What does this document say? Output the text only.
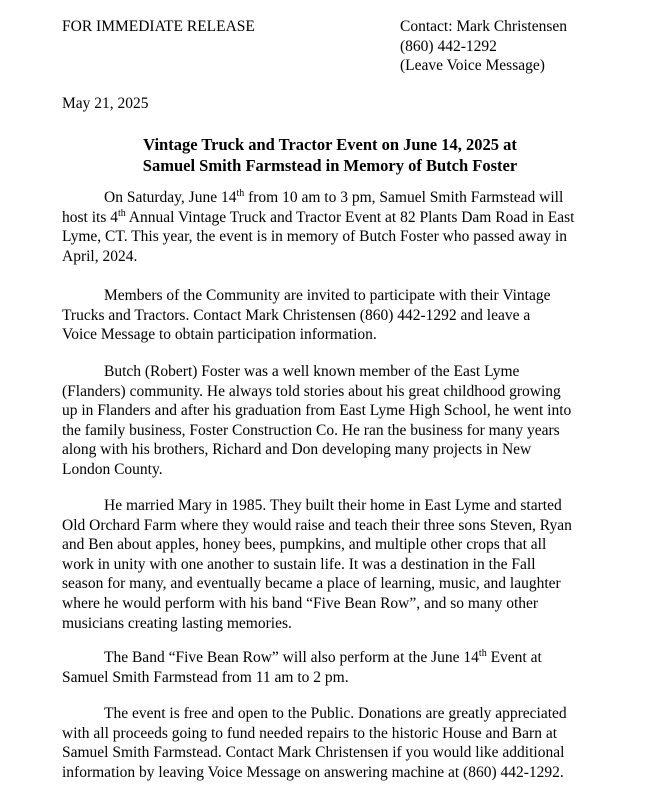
FOR IMMEDIATE RELEASE	Contact: Mark Christensen
(860) 442-1292
(Leave Voice Message)
May 21, 2025
Vintage Truck and Tractor Event on June 14, 2025 at
Samuel Smith Farmstead in Memory of Butch Foster
On Saturday, June 14th from 10 am to 3 pm, Samuel Smith Farmstead will
host its 4th Annual Vintage Truck and Tractor Event at 82 Plants Dam Road in East
Lyme, CT. This year, the event is in memory of Butch Foster who passed away in
April, 2024.
Members of the Community are invited to participate with their Vintage
Trucks and Tractors. Contact Mark Christensen (860) 442-1292 and leave a
Voice Message to obtain participation information.
Butch (Robert) Foster was a well known member of the East Lyme
(Flanders) community. He always told stories about his great childhood growing
up in Flanders and after his graduation from East Lyme High School, he went into
the family business, Foster Construction Co. He ran the business for many years
along with his brothers, Richard and Don developing many projects in New
London County.
He married Mary in 1985. They built their home in East Lyme and started
Old Orchard Farm where they would raise and teach their three sons Steven, Ryan
and Ben about apples, honey bees, pumpkins, and multiple other crops that all
work in unity with one another to sustain life. It was a destination in the Fall
season for many, and eventually became a place of learning, music, and laughter
where he would perform with his band “Five Bean Row”, and so many other
musicians creating lasting memories.
The Band “Five Bean Row” will also perform at the June 14th Event at
Samuel Smith Farmstead from 11 am to 2 pm.
The event is free and open to the Public. Donations are greatly appreciated
with all proceeds going to fund needed repairs to the historic House and Barn at
Samuel Smith Farmstead. Contact Mark Christensen if you would like additional
information by leaving Voice Message on answering machine at (860) 442-1292.
